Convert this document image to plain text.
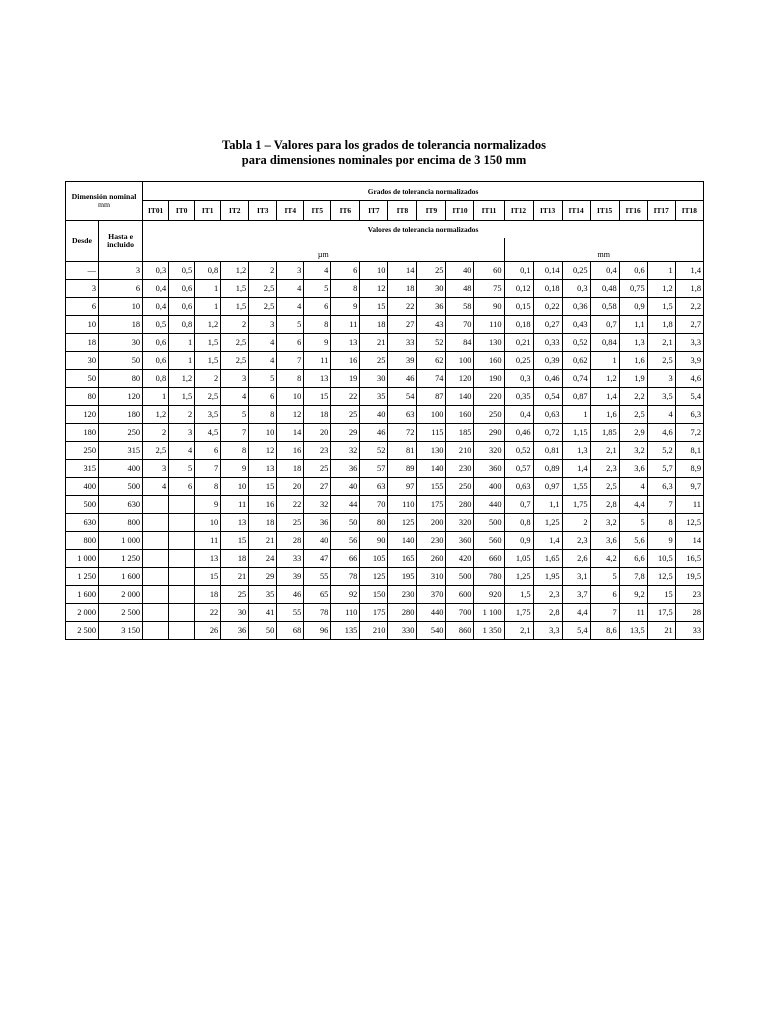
Tabla 1 – Valores para los grados de tolerancia normalizados
para dimensiones nominales por encima de 3 150 mm
Dimensión nominal
mm		Grados de tolerancia normalizados																			
		IT01	IT0	IT1	IT2	IT3	IT4	IT5	IT6	IT7	IT8	IT9	IT10	IT11	IT12	IT13	IT14	IT15	IT16	IT17	IT18
Desde	Hasta e incluido	Valores de tolerancia normalizados																			
		µm													mm						
—	3	0,3	0,5	0,8	1,2	2	3	4	6	10	14	25	40	60	0,1	0,14	0,25	0,4	0,6	1	1,4
3	6	0,4	0,6	1	1,5	2,5	4	5	8	12	18	30	48	75	0,12	0,18	0,3	0,48	0,75	1,2	1,8
6	10	0,4	0,6	1	1,5	2,5	4	6	9	15	22	36	58	90	0,15	0,22	0,36	0,58	0,9	1,5	2,2
10	18	0,5	0,8	1,2	2	3	5	8	11	18	27	43	70	110	0,18	0,27	0,43	0,7	1,1	1,8	2,7
18	30	0,6	1	1,5	2,5	4	6	9	13	21	33	52	84	130	0,21	0,33	0,52	0,84	1,3	2,1	3,3
30	50	0,6	1	1,5	2,5	4	7	11	16	25	39	62	100	160	0,25	0,39	0,62	1	1,6	2,5	3,9
50	80	0,8	1,2	2	3	5	8	13	19	30	46	74	120	190	0,3	0,46	0,74	1,2	1,9	3	4,6
80	120	1	1,5	2,5	4	6	10	15	22	35	54	87	140	220	0,35	0,54	0,87	1,4	2,2	3,5	5,4
120	180	1,2	2	3,5	5	8	12	18	25	40	63	100	160	250	0,4	0,63	1	1,6	2,5	4	6,3
180	250	2	3	4,5	7	10	14	20	29	46	72	115	185	290	0,46	0,72	1,15	1,85	2,9	4,6	7,2
250	315	2,5	4	6	8	12	16	23	32	52	81	130	210	320	0,52	0,81	1,3	2,1	3,2	5,2	8,1
315	400	3	5	7	9	13	18	25	36	57	89	140	230	360	0,57	0,89	1,4	2,3	3,6	5,7	8,9
400	500	4	6	8	10	15	20	27	40	63	97	155	250	400	0,63	0,97	1,55	2,5	4	6,3	9,7
500	630			9	11	16	22	32	44	70	110	175	280	440	0,7	1,1	1,75	2,8	4,4	7	11
630	800			10	13	18	25	36	50	80	125	200	320	500	0,8	1,25	2	3,2	5	8	12,5
800	1 000			11	15	21	28	40	56	90	140	230	360	560	0,9	1,4	2,3	3,6	5,6	9	14
1 000	1 250			13	18	24	33	47	66	105	165	260	420	660	1,05	1,65	2,6	4,2	6,6	10,5	16,5
1 250	1 600			15	21	29	39	55	78	125	195	310	500	780	1,25	1,95	3,1	5	7,8	12,5	19,5
1 600	2 000			18	25	35	46	65	92	150	230	370	600	920	1,5	2,3	3,7	6	9,2	15	23
2 000	2 500			22	30	41	55	78	110	175	280	440	700	1 100	1,75	2,8	4,4	7	11	17,5	28
2 500	3 150			26	36	50	68	96	135	210	330	540	860	1 350	2,1	3,3	5,4	8,6	13,5	21	33
